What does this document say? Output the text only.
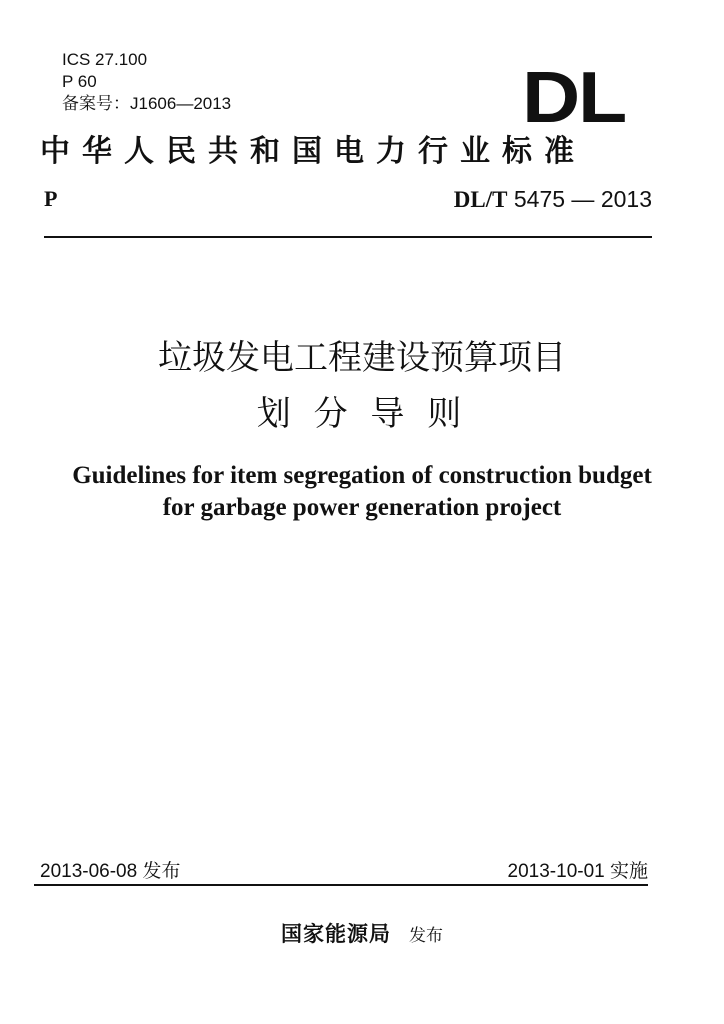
ICS 27.100
P 60
备案号：J1606—2013	DL
中华人民共和国电力行业标准
P	DL/T 5475 — 2013
垃圾发电工程建设预算项目
划 分 导 则
Guidelines for item segregation of construction budget
for garbage power generation project
2013-06-08 发布	2013-10-01 实施
国家能源局 发布
